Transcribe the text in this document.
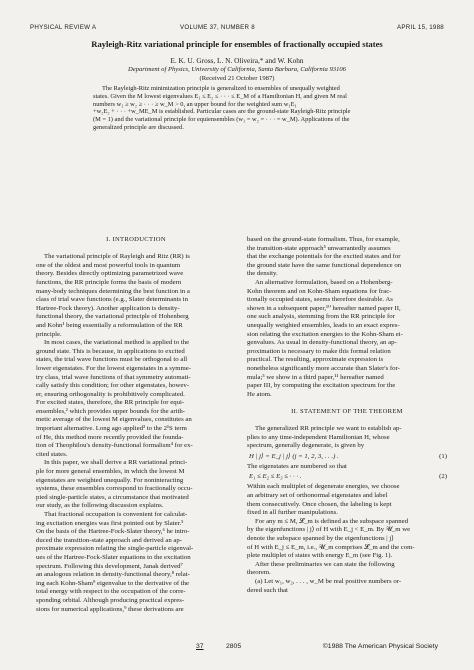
PHYSICAL REVIEW A	VOLUME 37, NUMBER 8	APRIL 15, 1988
Rayleigh-Ritz variational principle for ensembles of fractionally occupied states
E. K. U. Gross, L. N. Oliveira,* and W. Kohn
Department of Physics, University of California, Santa Barbara, California 93106
(Received 21 October 1987)
The Rayleigh-Ritz minimization principle is generalized to ensembles of unequally weighted
states. Given the M lowest eigenvalues E₁ ≤ E₂ ≤ · · · ≤ E_M of a Hamiltonian H, and given M real
numbers w₁ ≥ w₂ ≥ · · · ≥ w_M > 0, an upper bound for the weighted sum w₁E₁
+w₂E₂ + · · · +w_ME_M is established. Particular cases are the ground-state Rayleigh-Ritz principle
(M = 1) and the variational principle for equiensembles (w₁ = w₂ = · · · = w_M). Applications of the
generalized principle are discussed.
I. INTRODUCTION
The variational principle of Rayleigh and Ritz (RR) is
one of the oldest and most powerful tools in quantum
theory. Besides directly optimizing parametrized wave
functions, the RR principle forms the basis of modern
many-body techniques determining the best function in a
class of trial wave functions (e.g., Slater determinants in
Hartree-Fock theory). Another application is density-
functional theory, the variational principle of Hohenberg
and Kohn¹ being essentially a reformulation of the RR
principle.
In most cases, the variational method is applied to the
ground state. This is because, in applications to excited
states, the trial wave functions must be orthogonal to all
lower eigenstates. For the lowest eigenstates in a symme-
try class, trial wave functions of that symmetry automati-
cally satisfy this condition; for other eigenstates, howev-
er, ensuring orthogonality is prohibitively complicated.
For excited states, therefore, the RR principle for equi-
ensembles,² which provides upper bounds for the arith-
metic average of the lowest M eigenvalues, constitutes an
important alternative. Long ago applied³ to the 2¹S term
of He, this method more recently provided the founda-
tion of Theophilou's density-functional formalism⁴ for ex-
cited states.
In this paper, we shall derive a RR variational princi-
ple for more general ensembles, in which the lowest M
eigenstates are weighted unequally. For noninteracting
systems, these ensembles correspond to fractionally occu-
pied single-particle states, a circumstance that motivated
our study, as the following discussion explains.
That fractional occupation is convenient for calculat-
ing excitation energies was first pointed out by Slater.⁵
On the basis of the Hartree-Fock-Slater theory,⁶ he intro-
duced the transition-state approach and derived an ap-
proximate expression relating the single-particle eigenval-
ues of the Hartree-Fock-Slater equations to the excitation
spectrum. Following this development, Janak derived⁷
an analogous relation in density-functional theory,⁸ relat-
ing each Kohn-Sham⁹ eigenvalue to the derivative of the
total energy with respect to the occupation of the corre-
sponding orbital. Although producing practical expres-
sions for numerical applications,⁹ these derivations are
based on the ground-state formalism. Thus, for example,
the transition-state approach⁵ unwarrantedly assumes
that the exchange potentials for the excited states and for
the ground state have the same functional dependence on
the density.
An alternative formulation, based on a Hohenberg-
Kohn theorem and on Kohn-Sham equations for frac-
tionally occupied states, seems therefore desirable. As
shown in a subsequent paper,¹⁰ hereafter named paper II,
one such analysis, stemming from the RR principle for
unequally weighted ensembles, leads to an exact expres-
sion relating the excitation energies to the Kohn-Sham ei-
genvalues. As usual in density-functional theory, an ap-
proximation is necessary to make this formal relation
practical. The resulting, approximate expression is
nonetheless significantly more accurate than Slater's for-
mula;⁵ we show in a third paper,¹¹ hereafter named
paper III, by computing the excitation spectrum for the
He atom.
II. STATEMENT OF THE THEOREM
The generalized RR principle we want to establish ap-
plies to any time-independent Hamiltonian H, whose
spectrum, generally degenerate, is given by
H | j⟩ = E_j | j⟩ (j = 1, 2, 3, . . .) .	(1)
The eigenstates are numbered so that
E₁ ≤ E₂ ≤ E₃ ≤ · · · .	(2)
Within each multiplet of degenerate energies, we choose
an arbitrary set of orthonormal eigenstates and label
them consecutively. Once chosen, the labeling is kept
fixed in all further manipulations.
For any m ≤ M, 𝓛_m is defined as the subspace spanned
by the eigenfunctions | j⟩ of H with E_j < E_m. By 𝒰_m we
denote the subspace spanned by the eigenfunctions | j⟩
of H with E_j ≤ E_m, i.e., 𝒰_m comprises 𝓛_m and the com-
plete multiplet of states with energy E_m (see Fig. 1).
After these preliminaries we can state the following
theorem.
(a) Let w₁, w₂, . . . , w_M be real positive numbers or-
dered such that
37	2805	©1988 The American Physical Society
